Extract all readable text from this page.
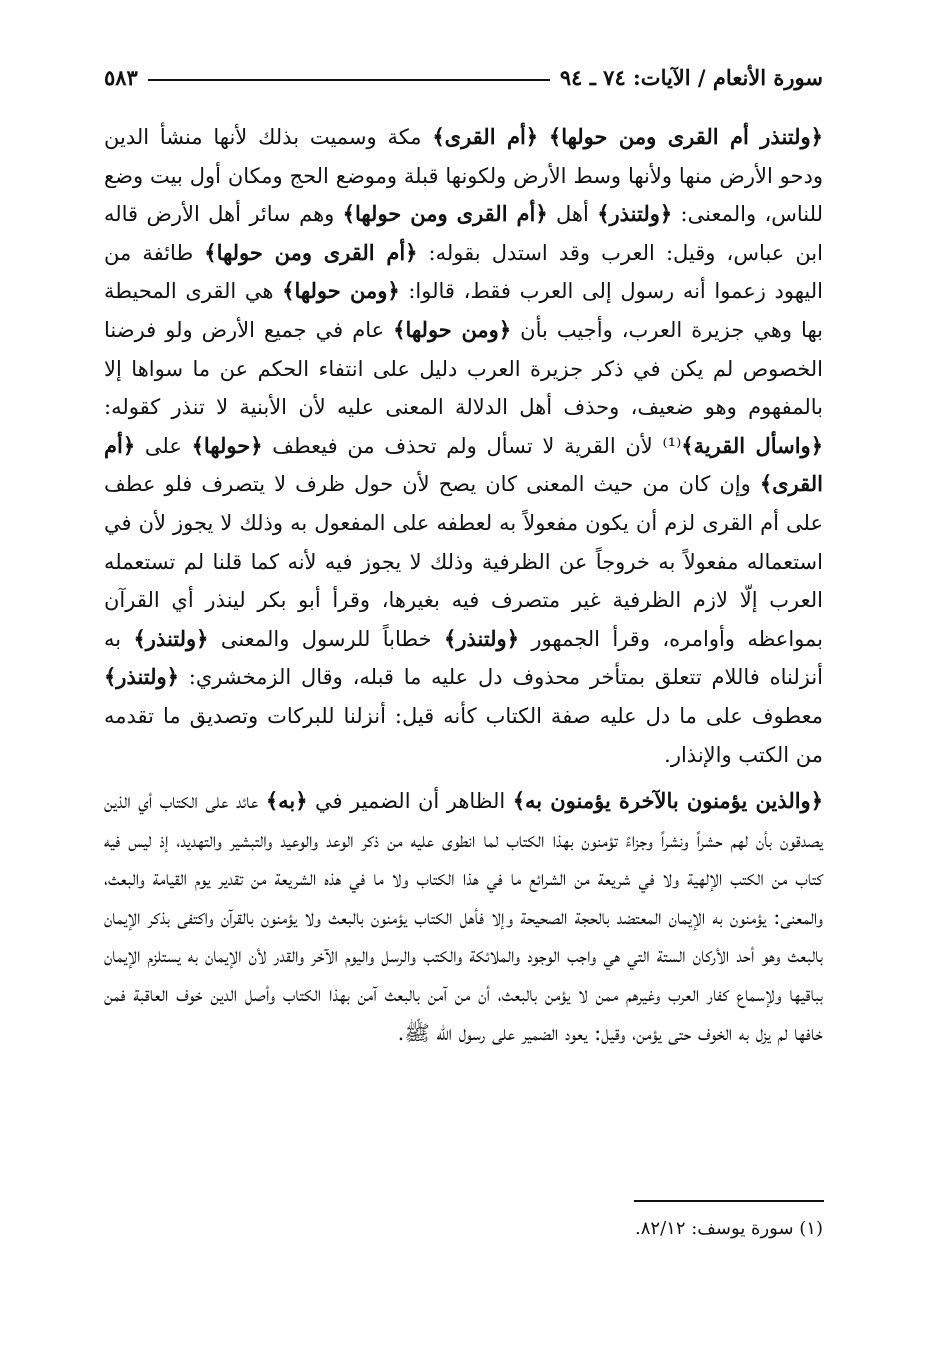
سورة الأنعام / الآيات: ٧٤ ـ ٩٤
٥٨٣

﴿ولتنذر أم القرى ومن حولها﴾ ﴿أم القرى﴾ مكة وسميت بذلك لأنها منشأ الدين ودحو الأرض منها ولأنها وسط الأرض ولكونها قبلة وموضع الحج ومكان أول بيت وضع للناس، والمعنى: ﴿ولتنذر﴾ أهل ﴿أم القرى ومن حولها﴾ وهم سائر أهل الأرض قاله ابن عباس، وقيل: العرب وقد استدل بقوله: ﴿أم القرى ومن حولها﴾ طائفة من اليهود زعموا أنه رسول إلى العرب فقط، قالوا: ﴿ومن حولها﴾ هي القرى المحيطة بها وهي جزيرة العرب، وأجيب بأن ﴿ومن حولها﴾ عام في جميع الأرض ولو فرضنا الخصوص لم يكن في ذكر جزيرة العرب دليل على انتفاء الحكم عن ما سواها إلا بالمفهوم وهو ضعيف، وحذف أهل الدلالة المعنى عليه لأن الأبنية لا تنذر كقوله: ﴿واسأل القرية﴾⁽¹⁾ لأن القرية لا تسأل ولم تحذف من فيعطف ﴿حولها﴾ على ﴿أم القرى﴾ وإن كان من حيث المعنى كان يصح لأن حول ظرف لا يتصرف فلو عطف على أم القرى لزم أن يكون مفعولاً به لعطفه على المفعول به وذلك لا يجوز لأن في استعماله مفعولاً به خروجاً عن الظرفية وذلك لا يجوز فيه لأنه كما قلنا لم تستعمله العرب إلّا لازم الظرفية غير متصرف فيه بغيرها، وقرأ أبو بكر لينذر أي القرآن بمواعظه وأوامره، وقرأ الجمهور ﴿ولتنذر﴾ خطاباً للرسول والمعنى ﴿ولتنذر﴾ به أنزلناه فاللام تتعلق بمتأخر محذوف دل عليه ما قبله، وقال الزمخشري: ﴿ولتنذر﴾ معطوف على ما دل عليه صفة الكتاب كأنه قيل: أنزلنا للبركات وتصديق ما تقدمه من الكتب والإنذار.

﴿والذين يؤمنون بالآخرة يؤمنون به﴾ الظاهر أن الضمير في ﴿به﴾ عائد على الكتاب أي الذين يصدقون بأن لهم حشراً ونشراً وجزاءً تؤمنون بهذا الكتاب لما انطوى عليه من ذكر الوعد والوعيد والتبشير والتهديد، إذ ليس فيه كتاب من الكتب الإلهية ولا في شريعة من الشرائع ما في هذا الكتاب ولا ما في هذه الشريعة من تقدير يوم القيامة والبعث، والمعنى: يؤمنون به الإيمان المعتضد بالحجة الصحيحة وإلا فأهل الكتاب يؤمنون بالبعث ولا يؤمنون بالقرآن واكتفى بذكر الإيمان بالبعث وهو أحد الأركان الستة التي هي واجب الوجود والملائكة والكتب والرسل واليوم الآخر والقدر لأن الإيمان به يستلزم الإيمان بباقيها ولإسماع كفار العرب وغيرهم ممن لا يؤمن بالبعث، أن من آمن بالبعث آمن بهذا الكتاب وأصل الدين خوف العاقبة فمن خافها لم يزل به الخوف حتى يؤمن، وقيل: يعود الضمير على رسول الله ﷺ.

(١) سورة يوسف: ٨٢/١٢.
